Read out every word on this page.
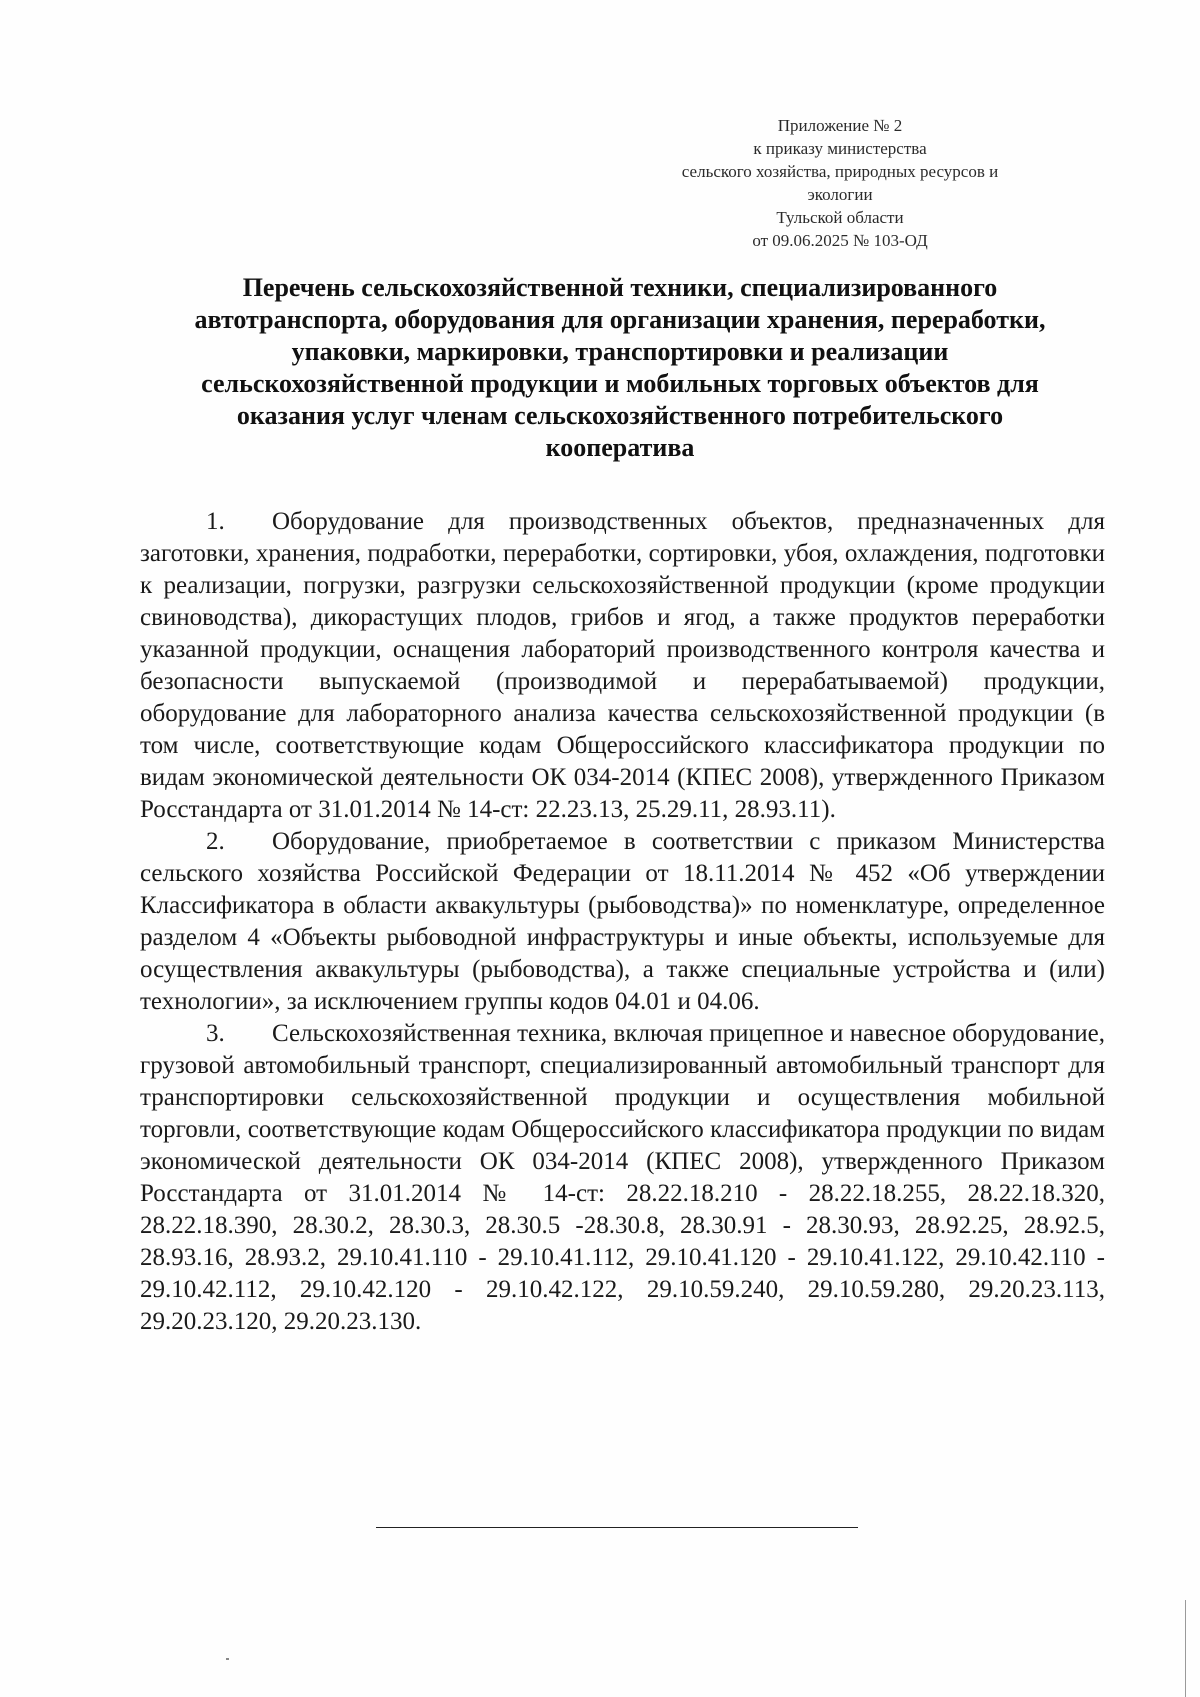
Приложение № 2
к приказу министерства
сельского хозяйства, природных ресурсов и
экологии
Тульской области
от 09.06.2025 № 103-ОД
Перечень сельскохозяйственной техники, специализированного
автотранспорта, оборудования для организации хранения, переработки,
упаковки, маркировки, транспортировки и реализации
сельскохозяйственной продукции и мобильных торговых объектов для
оказания услуг членам сельскохозяйственного потребительского
кооператива

1. Оборудование для производственных объектов, предназначенных для заготовки, хранения, подработки, переработки, сортировки, убоя, охлаждения, подготовки к реализации, погрузки, разгрузки сельскохозяйственной продукции (кроме продукции свиноводства), дикорастущих плодов, грибов и ягод, а также продуктов переработки указанной продукции, оснащения лабораторий производственного контроля качества и безопасности выпускаемой (производимой и перерабатываемой) продукции, оборудование для лабораторного анализа качества сельскохозяйственной продукции (в том числе, соответствующие кодам Общероссийского классификатора продукции по видам экономической деятельности ОК 034-2014 (КПЕС 2008), утвержденного Приказом Росстандарта от 31.01.2014 № 14-ст: 22.23.13, 25.29.11, 28.93.11).

2. Оборудование, приобретаемое в соответствии с приказом Министерства сельского хозяйства Российской Федерации от 18.11.2014 № 452 «Об утверждении Классификатора в области аквакультуры (рыбоводства)» по номенклатуре, определенное разделом 4 «Объекты рыбоводной инфраструктуры и иные объекты, используемые для осуществления аквакультуры (рыбоводства), а также специальные устройства и (или) технологии», за исключением группы кодов 04.01 и 04.06.

3. Сельскохозяйственная техника, включая прицепное и навесное оборудование, грузовой автомобильный транспорт, специализированный автомобильный транспорт для транспортировки сельскохозяйственной продукции и осуществления мобильной торговли, соответствующие кодам Общероссийского классификатора продукции по видам экономической деятельности ОК 034-2014 (КПЕС 2008), утвержденного Приказом Росстандарта от 31.01.2014 № 14-ст: 28.22.18.210 - 28.22.18.255, 28.22.18.320, 28.22.18.390, 28.30.2, 28.30.3, 28.30.5 -28.30.8, 28.30.91 - 28.30.93, 28.92.25, 28.92.5, 28.93.16, 28.93.2, 29.10.41.110 - 29.10.41.112, 29.10.41.120 - 29.10.41.122, 29.10.42.110 - 29.10.42.112, 29.10.42.120 - 29.10.42.122, 29.10.59.240, 29.10.59.280, 29.20.23.113, 29.20.23.120, 29.20.23.130.
